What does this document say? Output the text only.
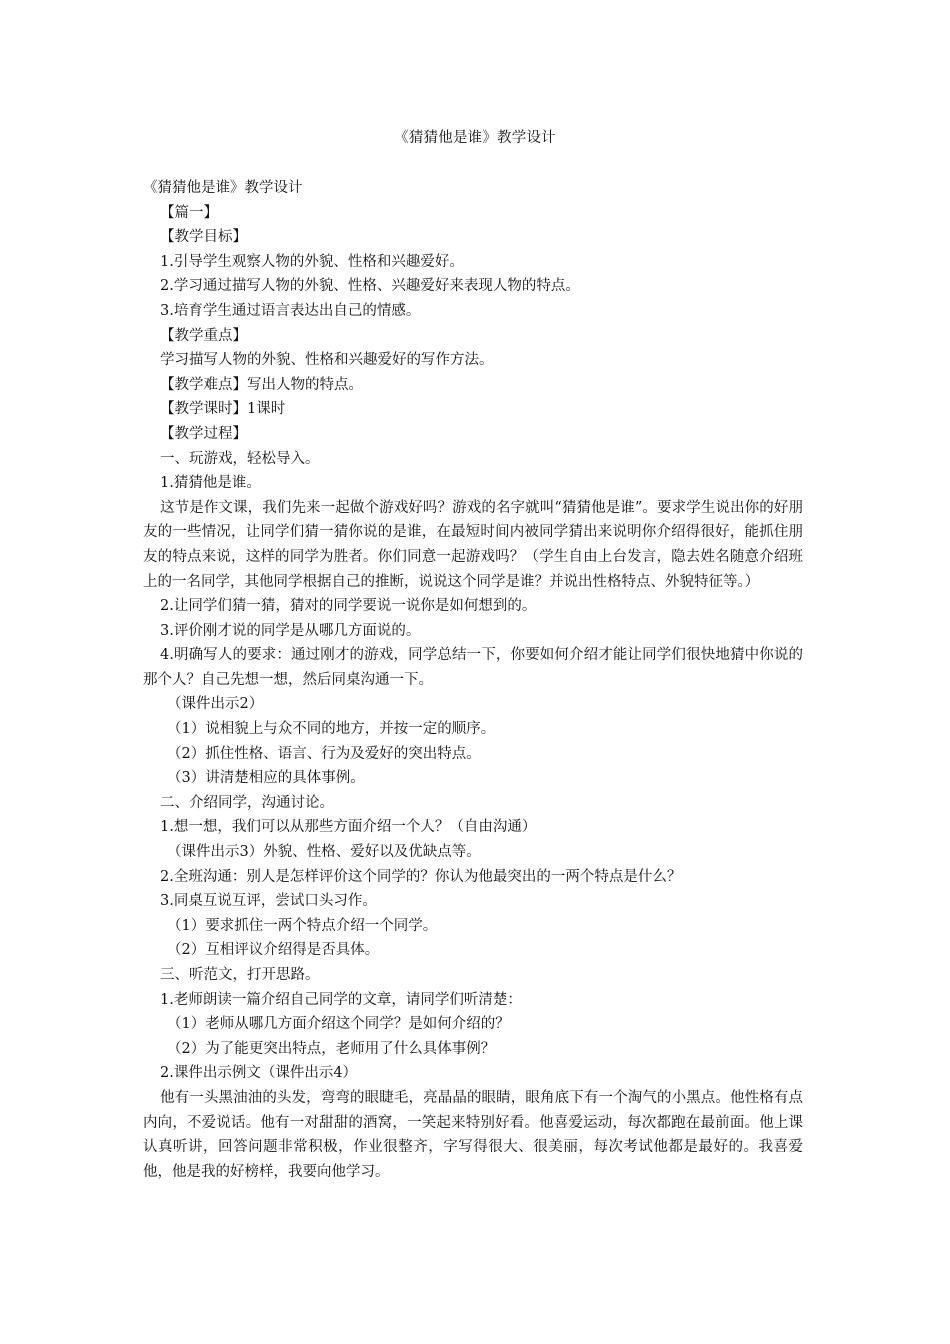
《猜猜他是谁》教学设计

《猜猜他是谁》教学设计

【篇一】

【教学目标】

1.引导学生观察人物的外貌、性格和兴趣爱好。

2.学习通过描写人物的外貌、性格、兴趣爱好来表现人物的特点。

3.培育学生通过语言表达出自己的情感。

【教学重点】

学习描写人物的外貌、性格和兴趣爱好的写作方法。

【教学难点】写出人物的特点。

【教学课时】1课时

【教学过程】

一、玩游戏，轻松导入。

1.猜猜他是谁。

这节是作文课，我们先来一起做个游戏好吗？游戏的名字就叫“猜猜他是谁”。要求学生说出你的好朋友的一些情况，让同学们猜一猜你说的是谁，在最短时间内被同学猜出来说明你介绍得很好，能抓住朋友的特点来说，这样的同学为胜者。你们同意一起游戏吗？（学生自由上台发言，隐去姓名随意介绍班上的一名同学，其他同学根据自己的推断，说说这个同学是谁？并说出性格特点、外貌特征等。）

2.让同学们猜一猜，猜对的同学要说一说你是如何想到的。

3.评价刚才说的同学是从哪几方面说的。

4.明确写人的要求：通过刚才的游戏，同学总结一下，你要如何介绍才能让同学们很快地猜中你说的那个人？自己先想一想，然后同桌沟通一下。

（课件出示2）

（1）说相貌上与众不同的地方，并按一定的顺序。

（2）抓住性格、语言、行为及爱好的突出特点。

（3）讲清楚相应的具体事例。

二、介绍同学，沟通讨论。

1.想一想，我们可以从那些方面介绍一个人？（自由沟通）

（课件出示3）外貌、性格、爱好以及优缺点等。

2.全班沟通：别人是怎样评价这个同学的？你认为他最突出的一两个特点是什么？

3.同桌互说互评，尝试口头习作。

（1）要求抓住一两个特点介绍一个同学。

（2）互相评议介绍得是否具体。

三、听范文，打开思路。

1.老师朗读一篇介绍自己同学的文章，请同学们听清楚：

（1）老师从哪几方面介绍这个同学？是如何介绍的？

（2）为了能更突出特点，老师用了什么具体事例？

2.课件出示例文（课件出示4）

他有一头黑油油的头发，弯弯的眼睫毛，亮晶晶的眼睛，眼角底下有一个淘气的小黑点。他性格有点内向，不爱说话。他有一对甜甜的酒窝，一笑起来特别好看。他喜爱运动，每次都跑在最前面。他上课认真听讲，回答问题非常积极，作业很整齐，字写得很大、很美丽，每次考试他都是最好的。我喜爱他，他是我的好榜样，我要向他学习。
